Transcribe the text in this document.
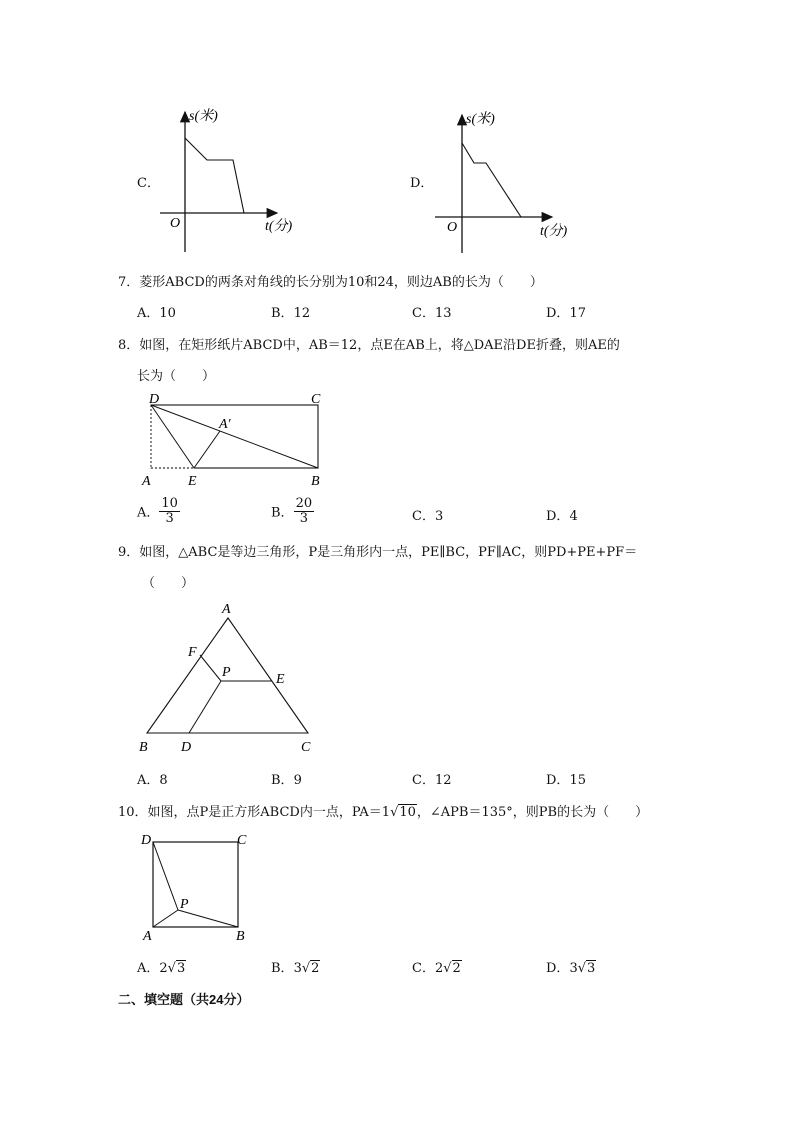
C．
s(米)
t(分)
O
D．
s(米)
t(分)
O
7．菱形ABCD的两条对角线的长分别为10和24，则边AB的长为（　　）
A．10	B．12	C．13	D．17
8．如图，在矩形纸片ABCD中，AB＝12，点E在AB上，将△DAE沿DE折叠，则AE的
长为（　　）
D	C
A′
A	E	B
A． $\frac{10}{3}$	B． $\frac{20}{3}$	C．3	D．4
9．如图，△ABC是等边三角形，P是三角形内一点，PE∥BC，PF∥AC，则PD+PE+PF＝
（　　）
A
F
P	E
B D	C
A．8	B．9	C．12	D．15
10．如图，点P是正方形ABCD内一点，PA＝1√10，∠APB＝135°，则PB的长为（　　）
D	C
P
A	B
A．2√3	B．3√2	C．2√2	D．3√3
二、填空题（共24分）
